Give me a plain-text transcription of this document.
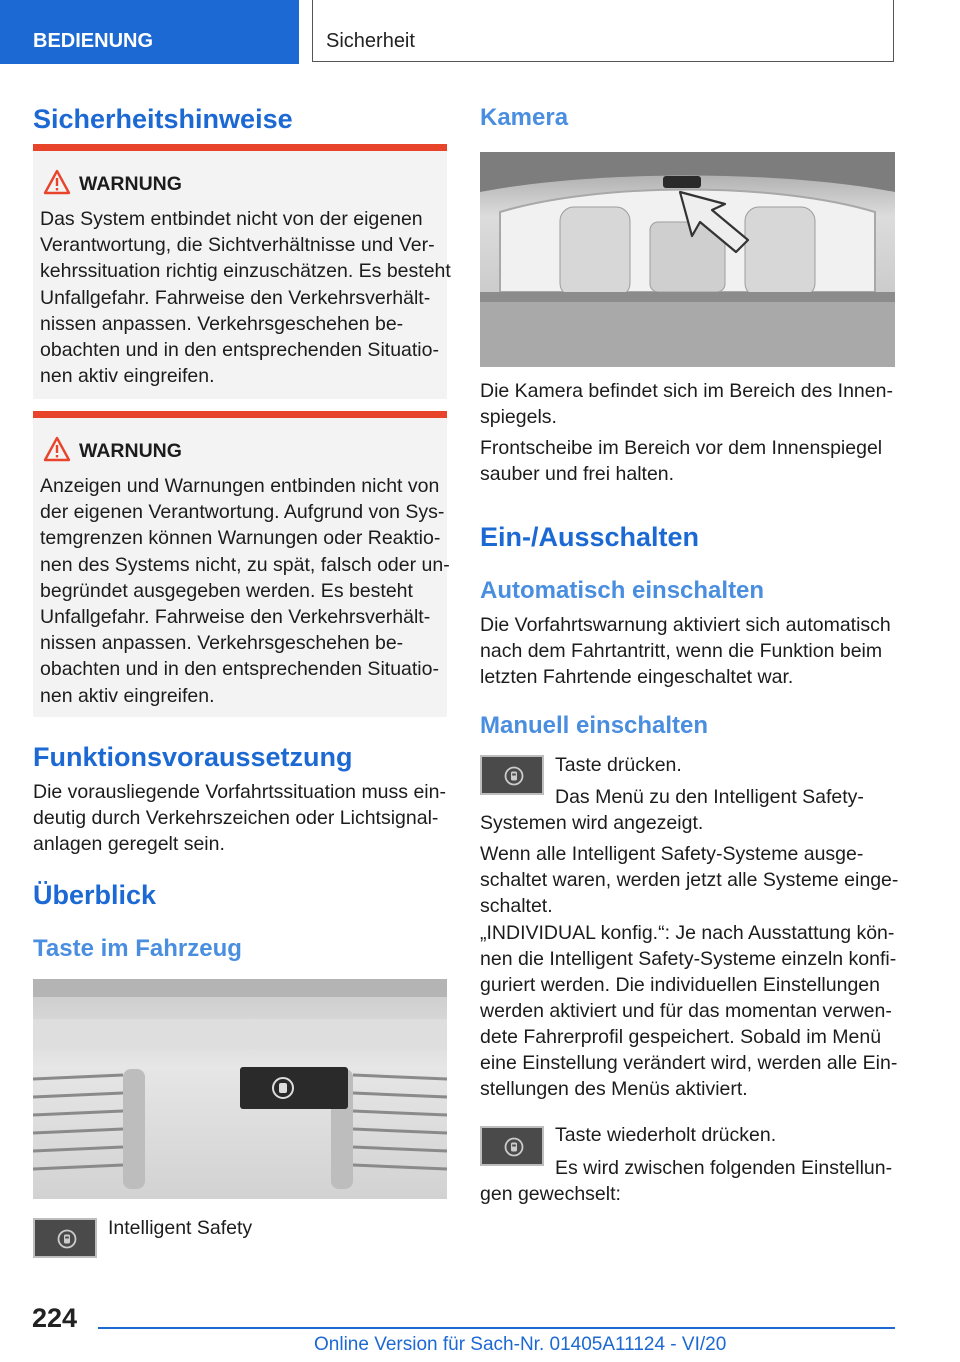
BEDIENUNG	Sicherheit
Sicherheitshinweise
WARNUNG
Das System entbindet nicht von der eigenen
Verantwortung, die Sichtverhältnisse und Ver-
kehrssituation richtig einzuschätzen. Es besteht
Unfallgefahr. Fahrweise den Verkehrsverhält-
nissen anpassen. Verkehrsgeschehen be-
obachten und in den entsprechenden Situatio-
nen aktiv eingreifen.
WARNUNG
Anzeigen und Warnungen entbinden nicht von
der eigenen Verantwortung. Aufgrund von Sys-
temgrenzen können Warnungen oder Reaktio-
nen des Systems nicht, zu spät, falsch oder un-
begründet ausgegeben werden. Es besteht
Unfallgefahr. Fahrweise den Verkehrsverhält-
nissen anpassen. Verkehrsgeschehen be-
obachten und in den entsprechenden Situatio-
nen aktiv eingreifen.
Funktionsvoraussetzung
Die vorausliegende Vorfahrtssituation muss ein-
deutig durch Verkehrszeichen oder Lichtsignal-
anlagen geregelt sein.
Überblick
Taste im Fahrzeug
Intelligent Safety
Kamera
Die Kamera befindet sich im Bereich des Innen-
spiegels.
Frontscheibe im Bereich vor dem Innenspiegel
sauber und frei halten.
Ein-/Ausschalten
Automatisch einschalten
Die Vorfahrtswarnung aktiviert sich automatisch
nach dem Fahrtantritt, wenn die Funktion beim
letzten Fahrtende eingeschaltet war.
Manuell einschalten
Taste drücken.
Das Menü zu den Intelligent Safety-
Systemen wird angezeigt.
Wenn alle Intelligent Safety-Systeme ausge-
schaltet waren, werden jetzt alle Systeme einge-
schaltet.
„INDIVIDUAL konfig.“: Je nach Ausstattung kön-
nen die Intelligent Safety-Systeme einzeln konfi-
guriert werden. Die individuellen Einstellungen
werden aktiviert und für das momentan verwen-
dete Fahrerprofil gespeichert. Sobald im Menü
eine Einstellung verändert wird, werden alle Ein-
stellungen des Menüs aktiviert.
Taste wiederholt drücken.
Es wird zwischen folgenden Einstellun-
gen gewechselt:
224
Online Version für Sach-Nr. 01405A11124 - VI/20
